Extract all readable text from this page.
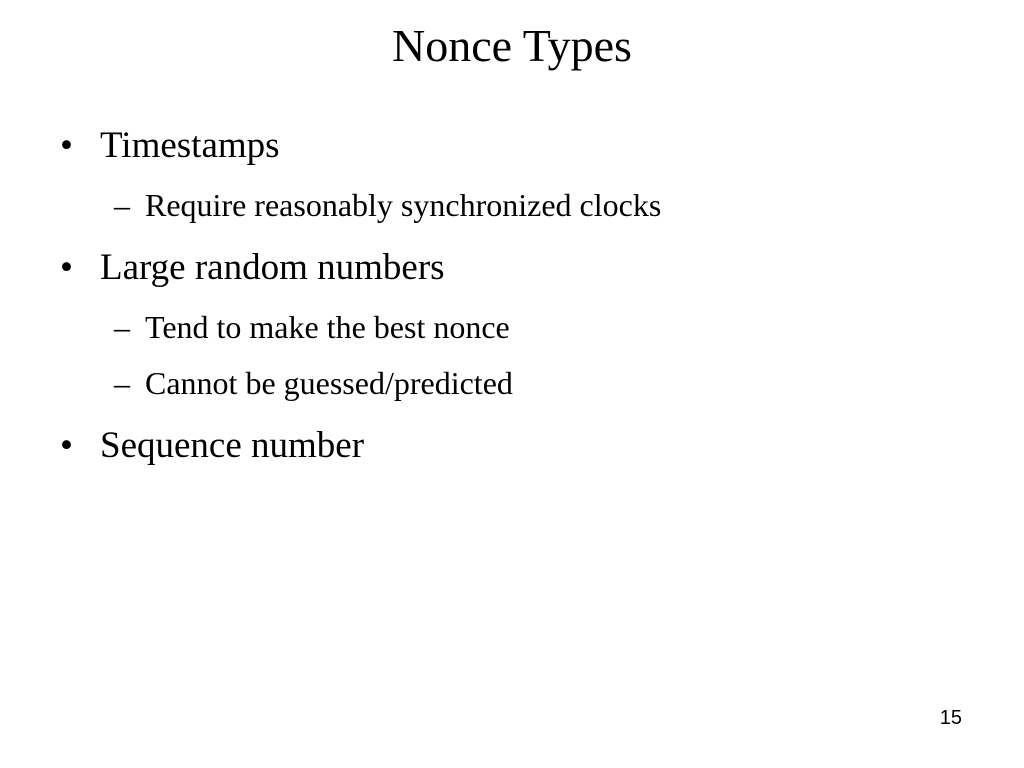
Nonce Types
• Timestamps
– Require reasonably synchronized clocks
• Large random numbers
– Tend to make the best nonce
– Cannot be guessed/predicted
• Sequence number
15
